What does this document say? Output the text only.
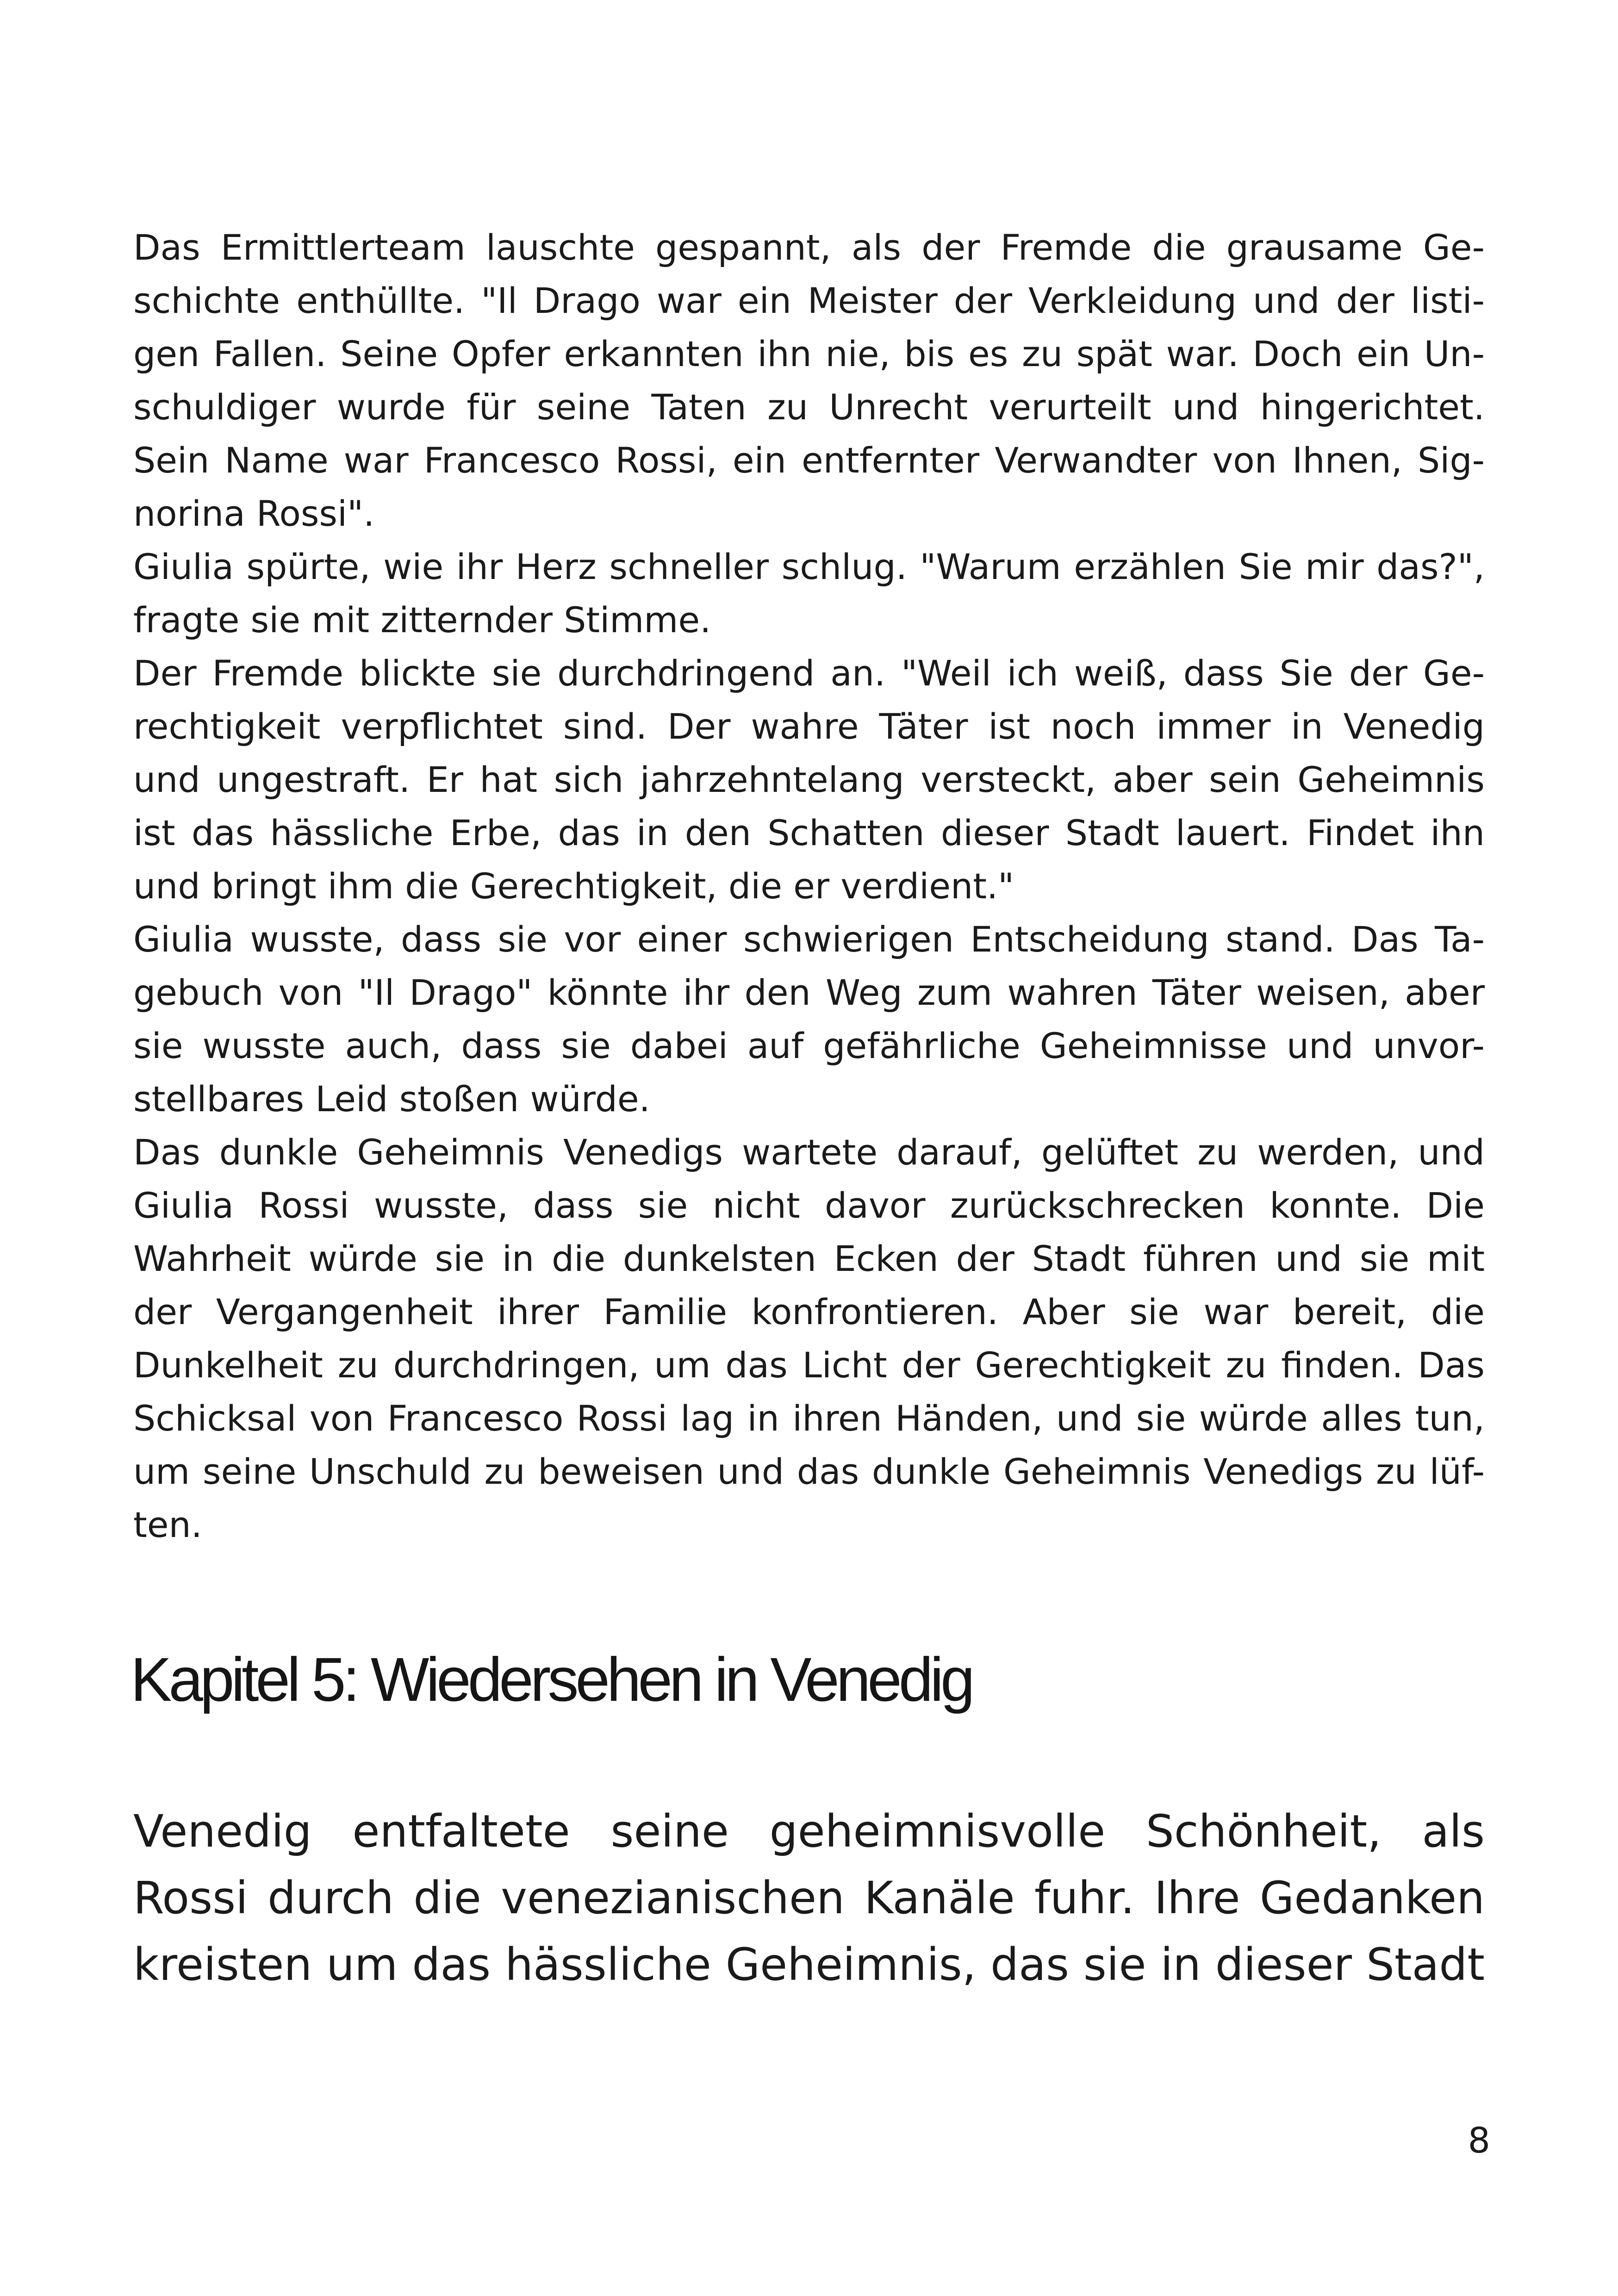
Das Ermittlerteam lauschte gespannt, als der Fremde die grausame Ge-

schichte enthüllte. "Il Drago war ein Meister der Verkleidung und der listi-

gen Fallen. Seine Opfer erkannten ihn nie, bis es zu spät war. Doch ein Un-

schuldiger wurde für seine Taten zu Unrecht verurteilt und hingerichtet.

Sein Name war Francesco Rossi, ein entfernter Verwandter von Ihnen, Sig-

norina Rossi".

Giulia spürte, wie ihr Herz schneller schlug. "Warum erzählen Sie mir das?",

fragte sie mit zitternder Stimme.

Der Fremde blickte sie durchdringend an. "Weil ich weiß, dass Sie der Ge-

rechtigkeit verpflichtet sind. Der wahre Täter ist noch immer in Venedig

und ungestraft. Er hat sich jahrzehntelang versteckt, aber sein Geheimnis

ist das hässliche Erbe, das in den Schatten dieser Stadt lauert. Findet ihn

und bringt ihm die Gerechtigkeit, die er verdient."

Giulia wusste, dass sie vor einer schwierigen Entscheidung stand. Das Ta-

gebuch von "Il Drago" könnte ihr den Weg zum wahren Täter weisen, aber

sie wusste auch, dass sie dabei auf gefährliche Geheimnisse und unvor-

stellbares Leid stoßen würde.

Das dunkle Geheimnis Venedigs wartete darauf, gelüftet zu werden, und

Giulia Rossi wusste, dass sie nicht davor zurückschrecken konnte. Die

Wahrheit würde sie in die dunkelsten Ecken der Stadt führen und sie mit

der Vergangenheit ihrer Familie konfrontieren. Aber sie war bereit, die

Dunkelheit zu durchdringen, um das Licht der Gerechtigkeit zu finden. Das

Schicksal von Francesco Rossi lag in ihren Händen, und sie würde alles tun,

um seine Unschuld zu beweisen und das dunkle Geheimnis Venedigs zu lüf-

ten.

Kapitel 5: Wiedersehen in Venedig

Venedig entfaltete seine geheimnisvolle Schönheit, als

Rossi durch die venezianischen Kanäle fuhr. Ihre Gedanken

kreisten um das hässliche Geheimnis, das sie in dieser Stadt

8
